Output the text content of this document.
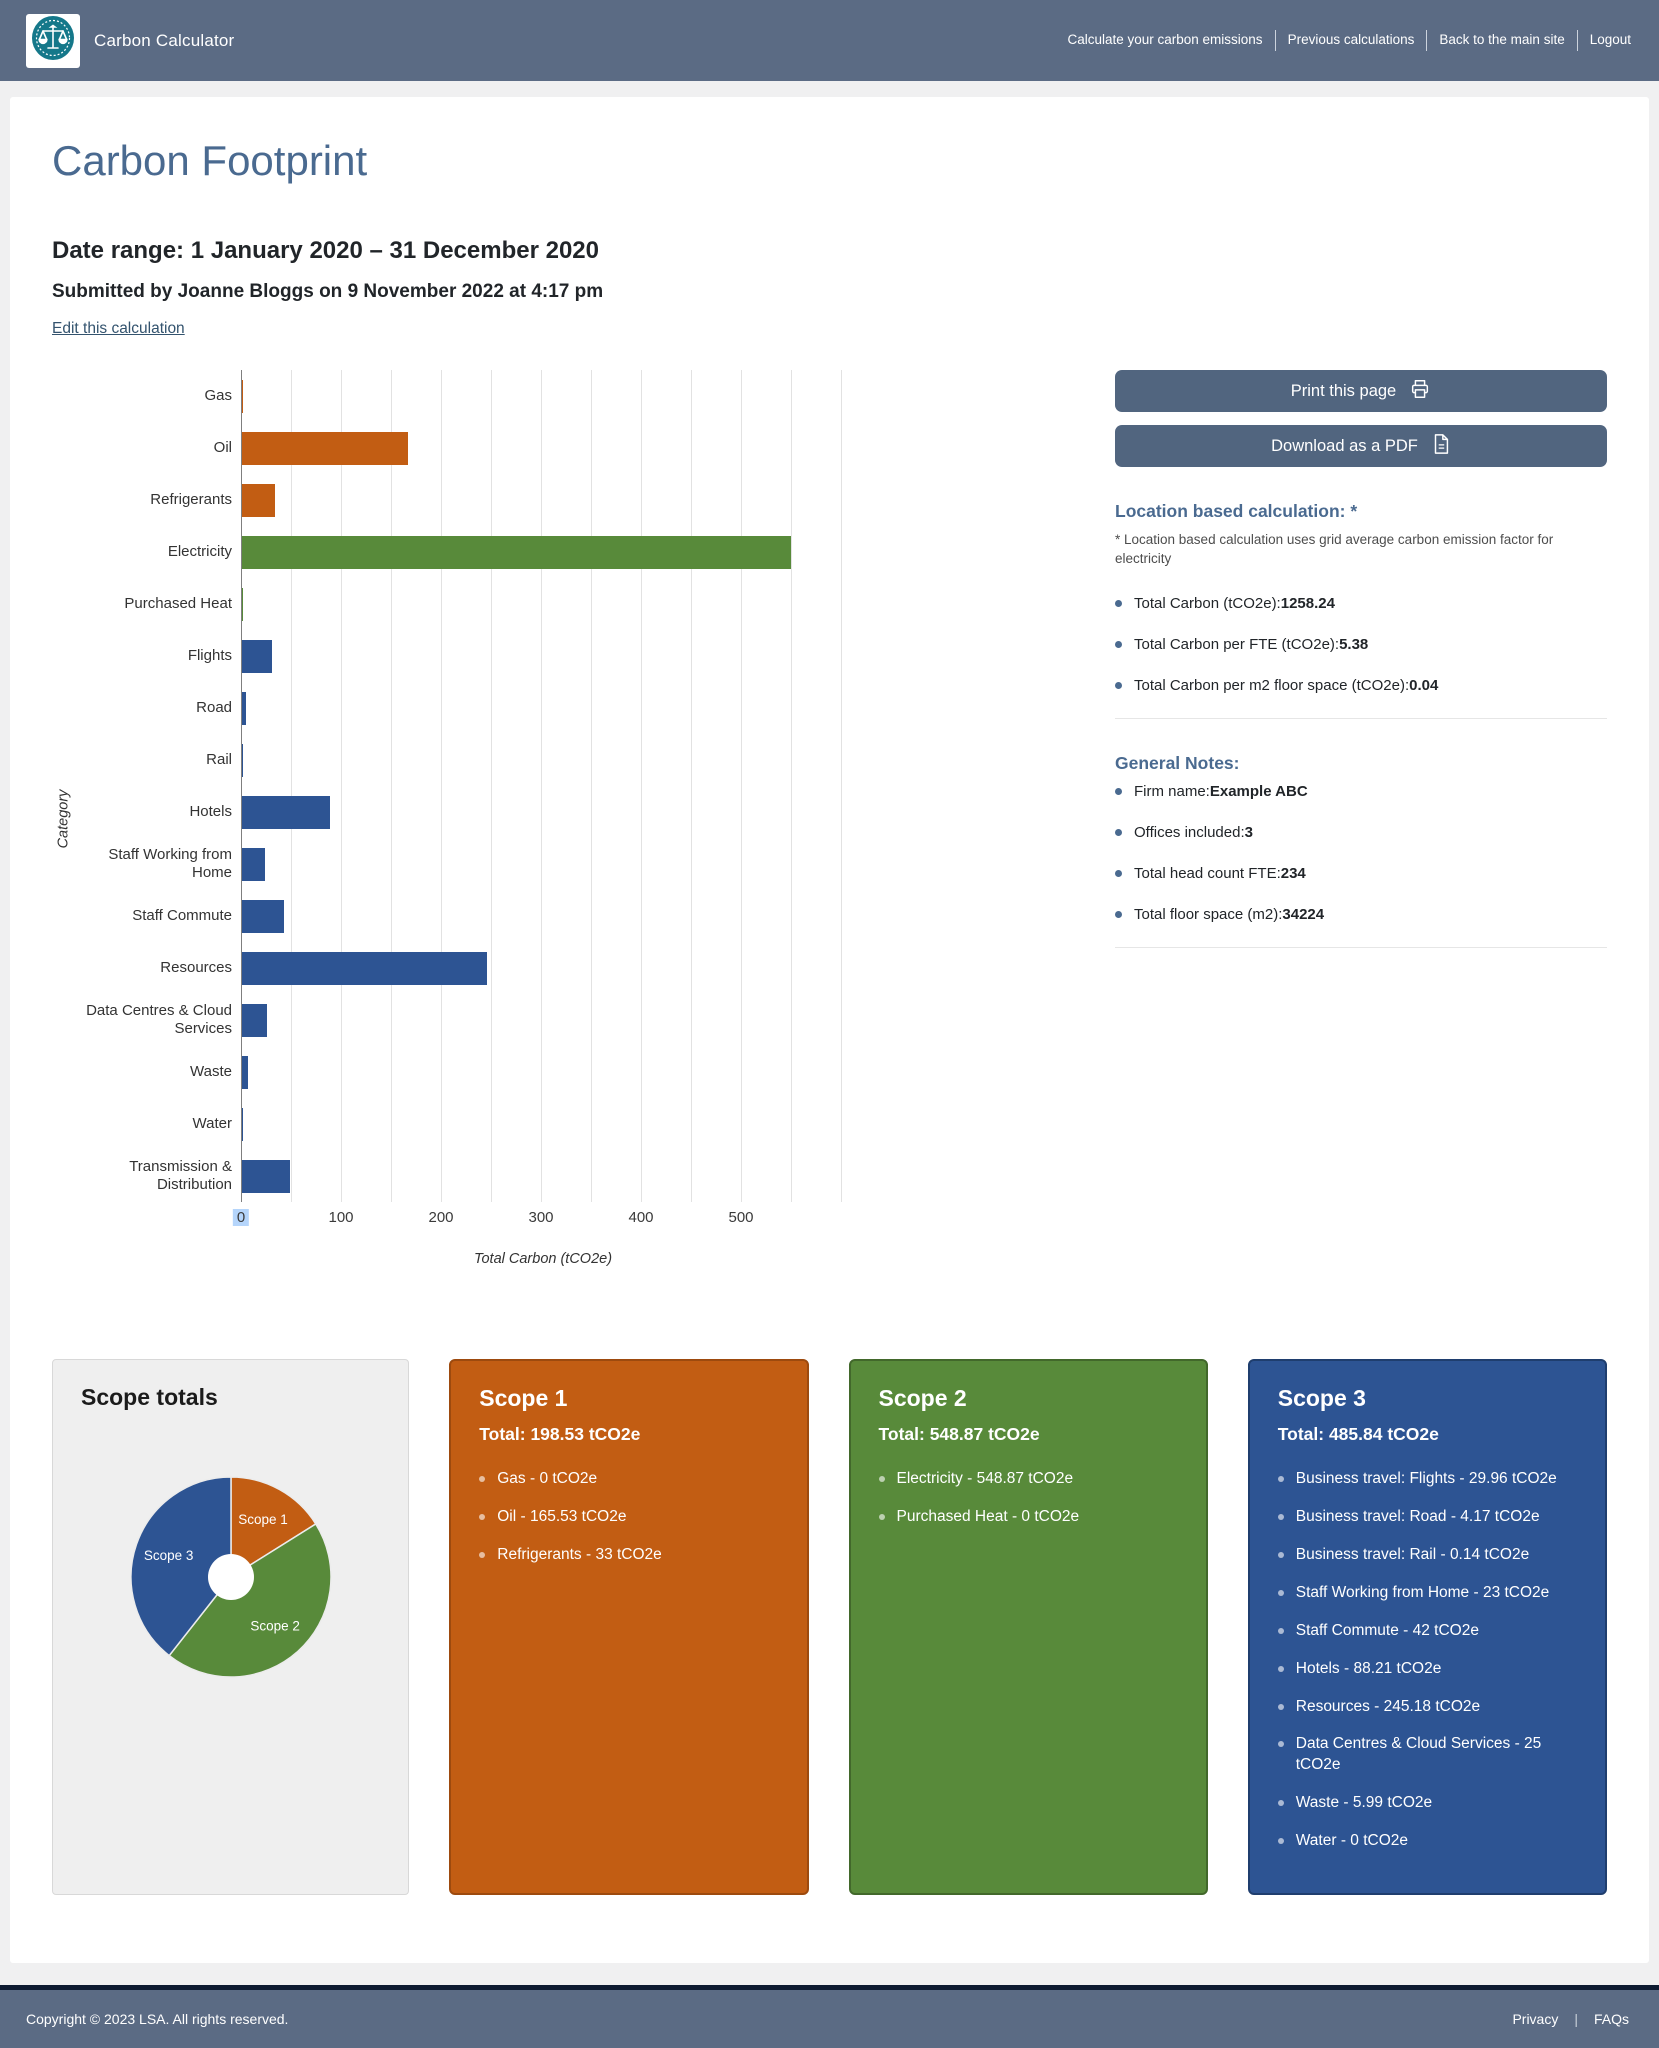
Carbon Calculator	Calculate your carbon emissions	Previous calculations	Back to the main site	Logout
Carbon Footprint
Date range: 1 January 2020 – 31 December 2020
Submitted by Joanne Bloggs on 9 November 2022 at 4:17 pm
Edit this calculation
Category
Gas
Oil
Refrigerants
Electricity
Purchased Heat
Flights
Road
Rail
Hotels
Staff Working from Home
Staff Commute
Resources
Data Centres & Cloud Services
Waste
Water
Transmission & Distribution
0	100	200	300	400	500
Total Carbon (tCO2e)
Print this page
Download as a PDF
Location based calculation: *

* Location based calculation uses grid average carbon emission factor for electricity

Total Carbon (tCO2e): 1258.24
Total Carbon per FTE (tCO2e): 5.38
Total Carbon per m2 floor space (tCO2e): 0.04
General Notes:
Firm name: Example ABC
Offices included: 3
Total head count FTE: 234
Total floor space (m2): 34224
Scope totals
Scope 1
Scope 2
Scope 3
Scope 1
Total: 198.53 tCO2e
Gas - 0 tCO2e
Oil - 165.53 tCO2e
Refrigerants - 33 tCO2e
Scope 2
Total: 548.87 tCO2e
Electricity - 548.87 tCO2e
Purchased Heat - 0 tCO2e
Scope 3
Total: 485.84 tCO2e
Business travel: Flights - 29.96 tCO2e
Business travel: Road - 4.17 tCO2e
Business travel: Rail - 0.14 tCO2e
Staff Working from Home - 23 tCO2e
Staff Commute - 42 tCO2e
Hotels - 88.21 tCO2e
Resources - 245.18 tCO2e
Data Centres & Cloud Services - 25 tCO2e
Waste - 5.99 tCO2e
Water - 0 tCO2e
Copyright © 2023 LSA. All rights reserved.	Privacy	|	FAQs
